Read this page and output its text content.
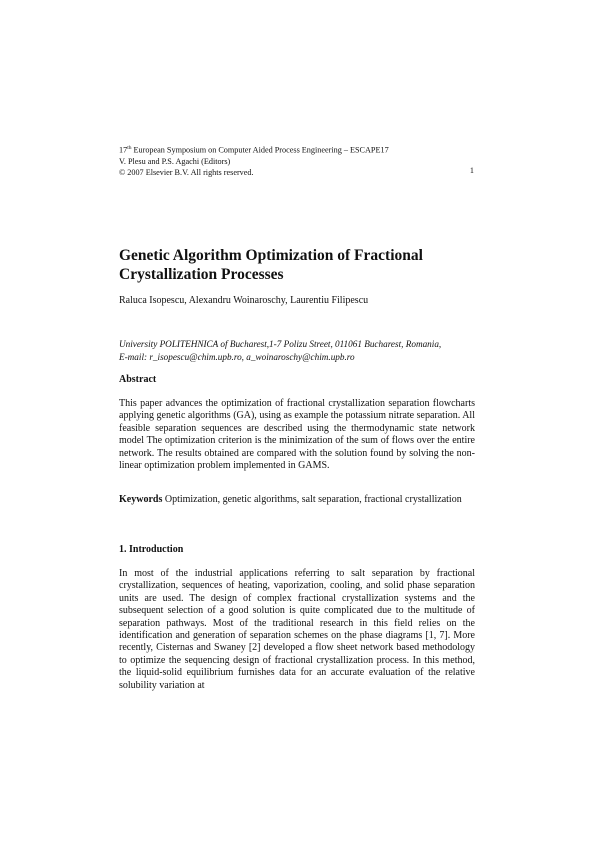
17th European Symposium on Computer Aided Process Engineering – ESCAPE17
V. Plesu and P.S. Agachi (Editors)
© 2007 Elsevier B.V. All rights reserved.	1
Genetic Algorithm Optimization of Fractional Crystallization Processes
Raluca Isopescu, Alexandru Woinaroschy, Laurentiu Filipescu
University POLITEHNICA of Bucharest,1-7 Polizu Street, 011061 Bucharest, Romania,
E-mail: r_isopescu@chim.upb.ro, a_woinaroschy@chim.upb.ro
Abstract

This paper advances the optimization of fractional crystallization separation flowcharts applying genetic algorithms (GA), using as example the potassium nitrate separation. All feasible separation sequences are described using the thermodynamic state network model The optimization criterion is the minimization of the sum of flows over the entire network. The results obtained are compared with the solution found by solving the non-linear optimization problem implemented in GAMS.

Keywords Optimization, genetic algorithms, salt separation, fractional crystallization

1. Introduction

In most of the industrial applications referring to salt separation by fractional crystallization, sequences of heating, vaporization, cooling, and solid phase separation units are used. The design of complex fractional crystallization systems and the subsequent selection of a good solution is quite complicated due to the multitude of separation pathways. Most of the traditional research in this field relies on the identification and generation of separation schemes on the phase diagrams [1, 7]. More recently, Cisternas and Swaney [2] developed a flow sheet network based methodology to optimize the sequencing design of fractional crystallization process. In this method, the liquid-solid equilibrium furnishes data for an accurate evaluation of the relative solubility variation at
